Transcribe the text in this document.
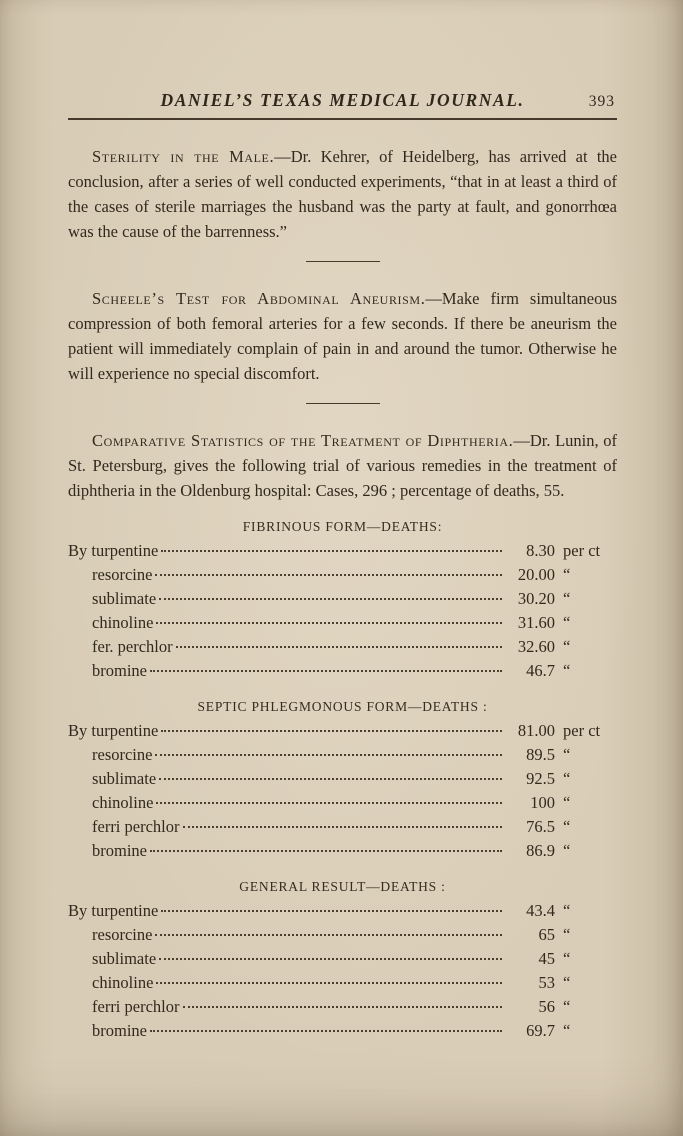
DANIEL’S TEXAS MEDICAL JOURNAL.	393

Sterility in the Male.—Dr. Kehrer, of Heidelberg, has arrived at the conclusion, after a series of well conducted experiments, “that in at least a third of the cases of sterile marriages the husband was the party at fault, and gonorrhœa was the cause of the barrenness.”

Scheele’s Test for Abdominal Aneurism.—Make firm simultaneous compression of both femoral arteries for a few seconds. If there be aneurism the patient will immediately complain of pain in and around the tumor. Otherwise he will experience no special discomfort.

Comparative Statistics of the Treatment of Diphtheria.—Dr. Lunin, of St. Petersburg, gives the following trial of various remedies in the treatment of diphtheria in the Oldenburg hospital: Cases, 296 ; percentage of deaths, 55.

FIBRINOUS FORM—DEATHS:
By turpentine	8.30 per ct
resorcine	20.00 “
sublimate	30.20 “
chinoline	31.60 “
fer. perchlor	32.60 “
bromine	46.7 “
SEPTIC PHLEGMONOUS FORM—DEATHS :
By turpentine	81.00 per ct
resorcine	89.5 “
sublimate	92.5 “
chinoline	100 “
ferri perchlor	76.5 “
bromine	86.9 “
GENERAL RESULT—DEATHS :
By turpentine	43.4 “
resorcine	65 “
sublimate	45 “
chinoline	53 “
ferri perchlor	56 “
bromine	69.7 “
